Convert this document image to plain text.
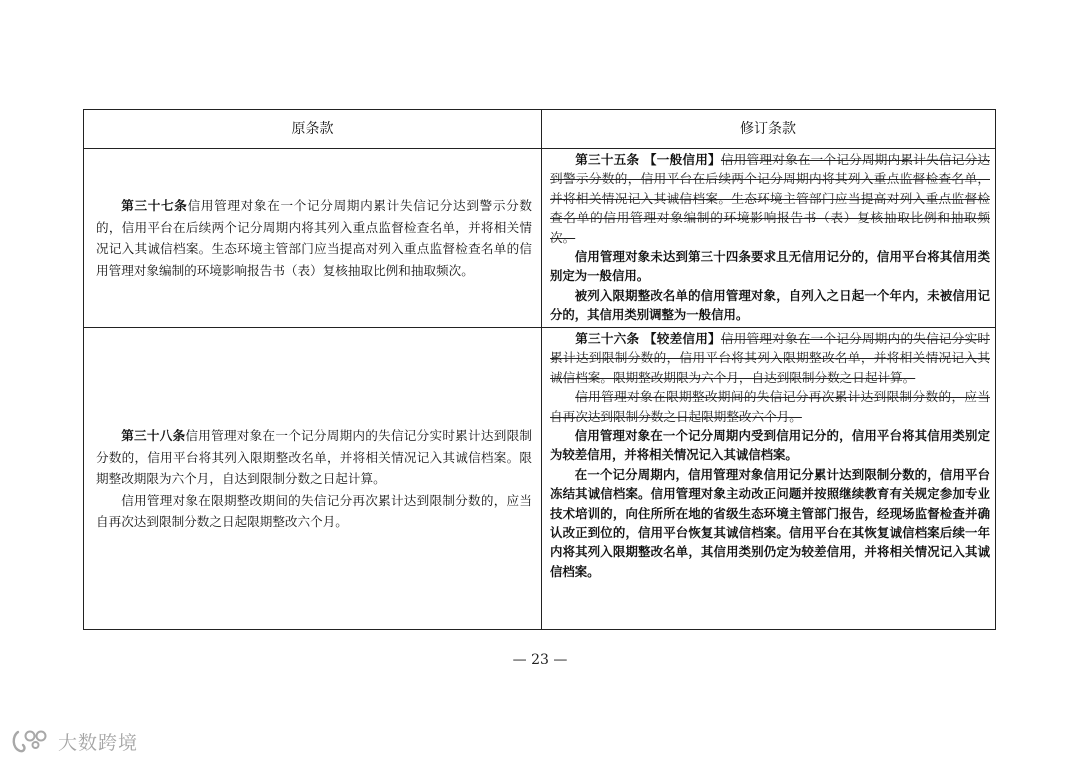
原条款	修订条款

第三十七条信用管理对象在一个记分周期内累计失信记分达到警示分数的，信用平台在后续两个记分周期内将其列入重点监督检查名单，并将相关情况记入其诚信档案。生态环境主管部门应当提高对列入重点监督检查名单的信用管理对象编制的环境影响报告书（表）复核抽取比例和抽取频次。

第三十五条 【一般信用】信用管理对象在一个记分周期内累计失信记分达到警示分数的，信用平台在后续两个记分周期内将其列入重点监督检查名单，并将相关情况记入其诚信档案。生态环境主管部门应当提高对列入重点监督检查名单的信用管理对象编制的环境影响报告书（表）复核抽取比例和抽取频次。

信用管理对象未达到第三十四条要求且无信用记分的，信用平台将其信用类别定为一般信用。

被列入限期整改名单的信用管理对象，自列入之日起一个年内，未被信用记分的，其信用类别调整为一般信用。

第三十八条信用管理对象在一个记分周期内的失信记分实时累计达到限制分数的，信用平台将其列入限期整改名单，并将相关情况记入其诚信档案。限期整改期限为六个月，自达到限制分数之日起计算。

信用管理对象在限期整改期间的失信记分再次累计达到限制分数的，应当自再次达到限制分数之日起限期整改六个月。

第三十六条 【较差信用】信用管理对象在一个记分周期内的失信记分实时累计达到限制分数的，信用平台将其列入限期整改名单，并将相关情况记入其诚信档案。限期整改期限为六个月，自达到限制分数之日起计算。

信用管理对象在限期整改期间的失信记分再次累计达到限制分数的，应当自再次达到限制分数之日起限期整改六个月。

信用管理对象在一个记分周期内受到信用记分的，信用平台将其信用类别定为较差信用，并将相关情况记入其诚信档案。

在一个记分周期内，信用管理对象信用记分累计达到限制分数的，信用平台冻结其诚信档案。信用管理对象主动改正问题并按照继续教育有关规定参加专业技术培训的，向住所所在地的省级生态环境主管部门报告，经现场监督检查并确认改正到位的，信用平台恢复其诚信档案。信用平台在其恢复诚信档案后续一年内将其列入限期整改名单，其信用类别仍定为较差信用，并将相关情况记入其诚信档案。

— 23 —
大数跨境
